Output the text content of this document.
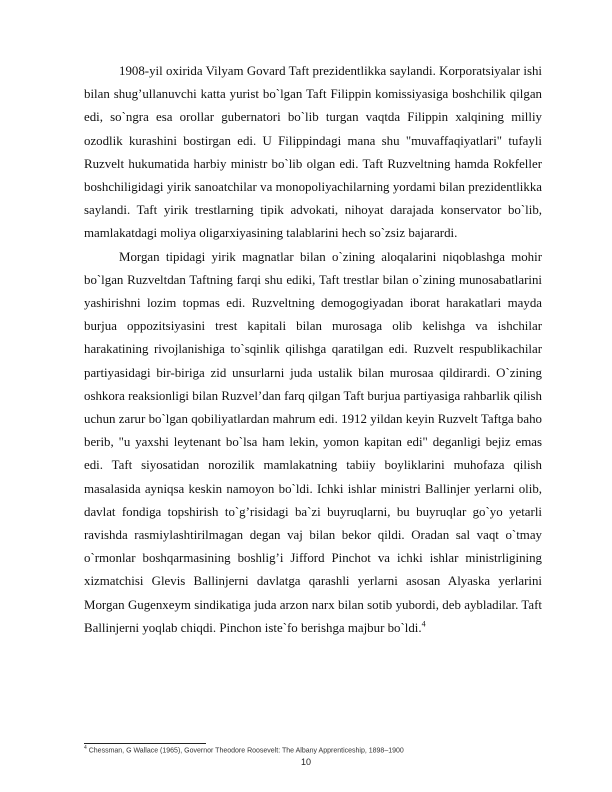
1908-yil oxirida Vilyam Govard Taft prezidentlikka saylandi. Korporatsiyalar ishi bilan shug’ullanuvchi katta yurist bo`lgan Taft Filippin komissiyasiga boshchilik qilgan edi, so`ngra esa orollar gubernatori bo`lib turgan vaqtda Filippin xalqining milliy ozodlik kurashini bostirgan edi. U Filippindagi mana shu "muvaffaqiyatlari" tufayli Ruzvelt hukumatida harbiy ministr bo`lib olgan edi. Taft Ruzveltning hamda Rokfeller boshchiligidagi yirik sanoatchilar va monopoliyachilarning yordami bilan prezidentlikka saylandi. Taft yirik trestlarning tipik advokati, nihoyat darajada konservator bo`lib, mamlakatdagi moliya oligarxiyasining talablarini hech so`zsiz bajarardi.

Morgan tipidagi yirik magnatlar bilan o`zining aloqalarini niqoblashga mohir bo`lgan Ruzveltdan Taftning farqi shu ediki, Taft trestlar bilan o`zining munosabatlarini yashirishni lozim topmas edi. Ruzveltning demogogiyadan iborat harakatlari mayda burjua oppozitsiyasini trest kapitali bilan murosaga olib kelishga va ishchilar harakatining rivojlanishiga to`sqinlik qilishga qaratilgan edi. Ruzvelt respublikachilar partiyasidagi bir-biriga zid unsurlarni juda ustalik bilan murosaa qildirardi. O`zining oshkora reaksionligi bilan Ruzvel’dan farq qilgan Taft burjua partiyasiga rahbarlik qilish uchun zarur bo`lgan qobiliyatlardan mahrum edi. 1912 yildan keyin Ruzvelt Taftga baho berib, "u yaxshi leytenant bo`lsa ham lekin, yomon kapitan edi" deganligi bejiz emas edi. Taft siyosatidan norozilik mamlakatning tabiiy boyliklarini muhofaza qilish masalasida ayniqsa keskin namoyon bo`ldi. Ichki ishlar ministri Ballinjer yerlarni olib, davlat fondiga topshirish to`g’risidagi ba`zi buyruqlarni, bu buyruqlar go`yo yetarli ravishda rasmiylashtirilmagan degan vaj bilan bekor qildi. Oradan sal vaqt o`tmay o`rmonlar boshqarmasining boshlig’i Jifford Pinchot va ichki ishlar ministrligining xizmatchisi Glevis Ballinjerni davlatga qarashli yerlarni asosan Alyaska yerlarini Morgan Gugenxeym sindikatiga juda arzon narx bilan sotib yubordi, deb aybladilar. Taft Ballinjerni yoqlab chiqdi. Pinchon iste`fo berishga majbur bo`ldi.$^4$

$^4$ Chessman, G Wallace (1965), Governor Theodore Roosevelt: The Albany Apprenticeship, 1898–1900
10
